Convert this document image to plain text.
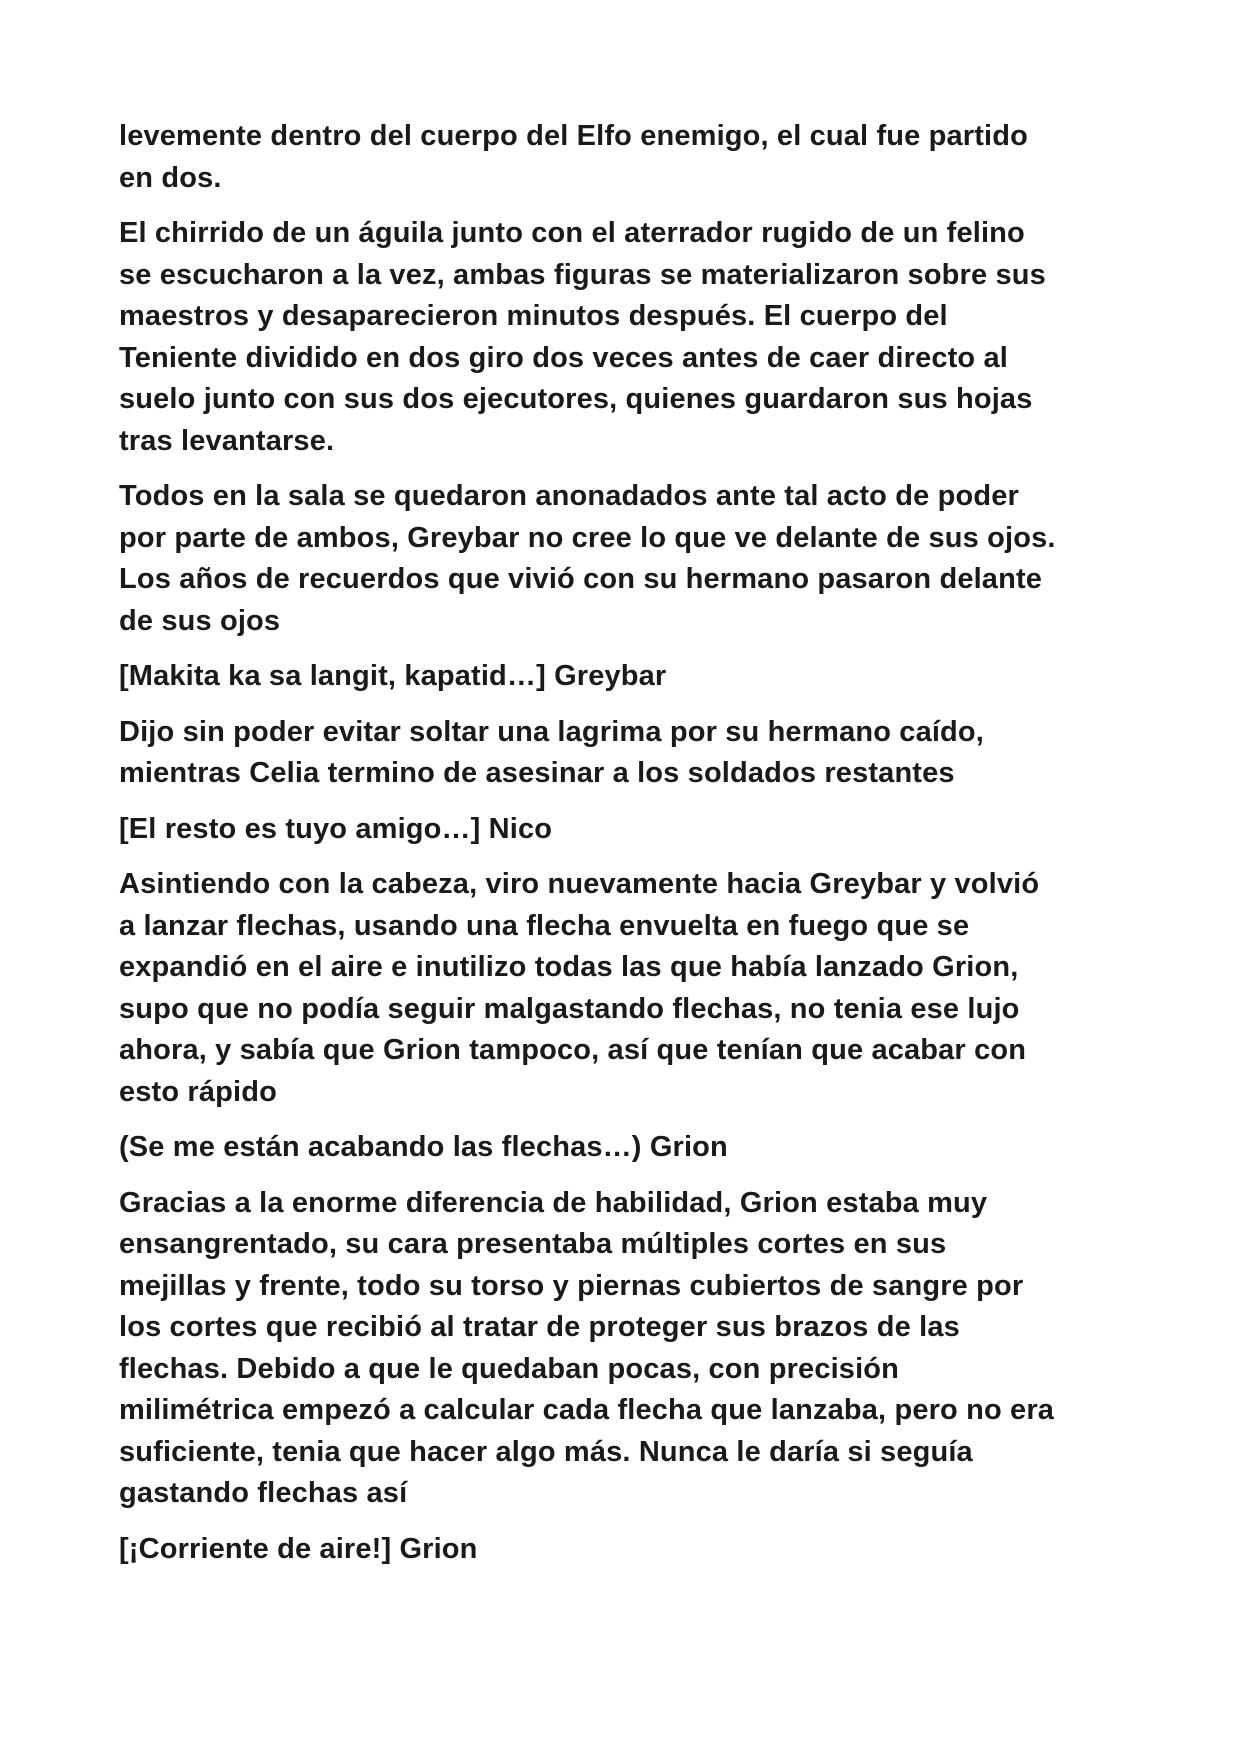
levemente dentro del cuerpo del Elfo enemigo, el cual fue partido
en dos.

El chirrido de un águila junto con el aterrador rugido de un felino
se escucharon a la vez, ambas figuras se materializaron sobre sus
maestros y desaparecieron minutos después. El cuerpo del
Teniente dividido en dos giro dos veces antes de caer directo al
suelo junto con sus dos ejecutores, quienes guardaron sus hojas
tras levantarse.

Todos en la sala se quedaron anonadados ante tal acto de poder
por parte de ambos, Greybar no cree lo que ve delante de sus ojos.
Los años de recuerdos que vivió con su hermano pasaron delante
de sus ojos

[Makita ka sa langit, kapatid…] Greybar

Dijo sin poder evitar soltar una lagrima por su hermano caído,
mientras Celia termino de asesinar a los soldados restantes

[El resto es tuyo amigo…] Nico

Asintiendo con la cabeza, viro nuevamente hacia Greybar y volvió
a lanzar flechas, usando una flecha envuelta en fuego que se
expandió en el aire e inutilizo todas las que había lanzado Grion,
supo que no podía seguir malgastando flechas, no tenia ese lujo
ahora, y sabía que Grion tampoco, así que tenían que acabar con
esto rápido

(Se me están acabando las flechas…) Grion

Gracias a la enorme diferencia de habilidad, Grion estaba muy
ensangrentado, su cara presentaba múltiples cortes en sus
mejillas y frente, todo su torso y piernas cubiertos de sangre por
los cortes que recibió al tratar de proteger sus brazos de las
flechas. Debido a que le quedaban pocas, con precisión
milimétrica empezó a calcular cada flecha que lanzaba, pero no era
suficiente, tenia que hacer algo más. Nunca le daría si seguía
gastando flechas así

[¡Corriente de aire!] Grion
